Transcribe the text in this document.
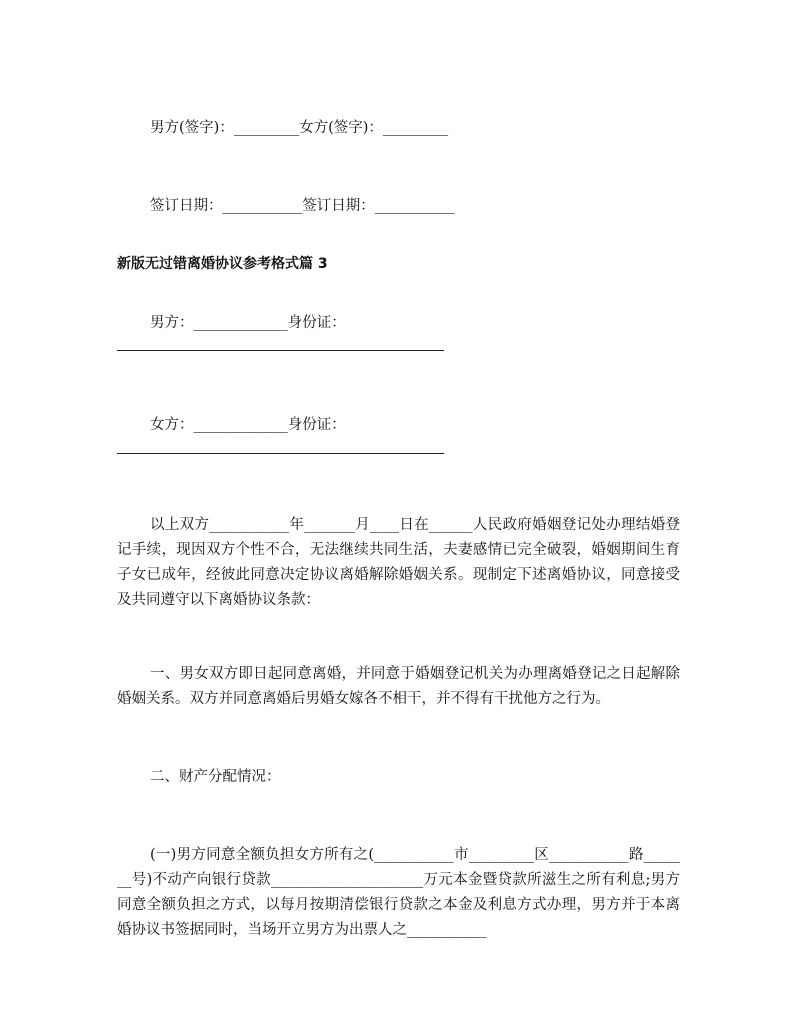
男方(签字)：_________女方(签字)：_________
签订日期：___________签订日期：___________
新版无过错离婚协议参考格式篇 3
男方：_____________身份证：
女方：_____________身份证：
以上双方___________年_______月____日在______人民政府婚姻登记处办理结婚登记手续，现因双方个性不合，无法继续共同生活，夫妻感情已完全破裂，婚姻期间生育子女已成年，经彼此同意决定协议离婚解除婚姻关系。现制定下述离婚协议，同意接受及共同遵守以下离婚协议条款：
一、男女双方即日起同意离婚，并同意于婚姻登记机关为办理离婚登记之日起解除婚姻关系。双方并同意离婚后男婚女嫁各不相干，并不得有干扰他方之行为。
二、财产分配情况：
(一)男方同意全额负担女方所有之(___________市_________区___________路_______号)不动产向银行贷款_____________________万元本金暨贷款所滋生之所有利息;男方同意全额负担之方式，以每月按期清偿银行贷款之本金及利息方式办理，男方并于本离婚协议书签据同时，当场开立男方为出票人之___________
